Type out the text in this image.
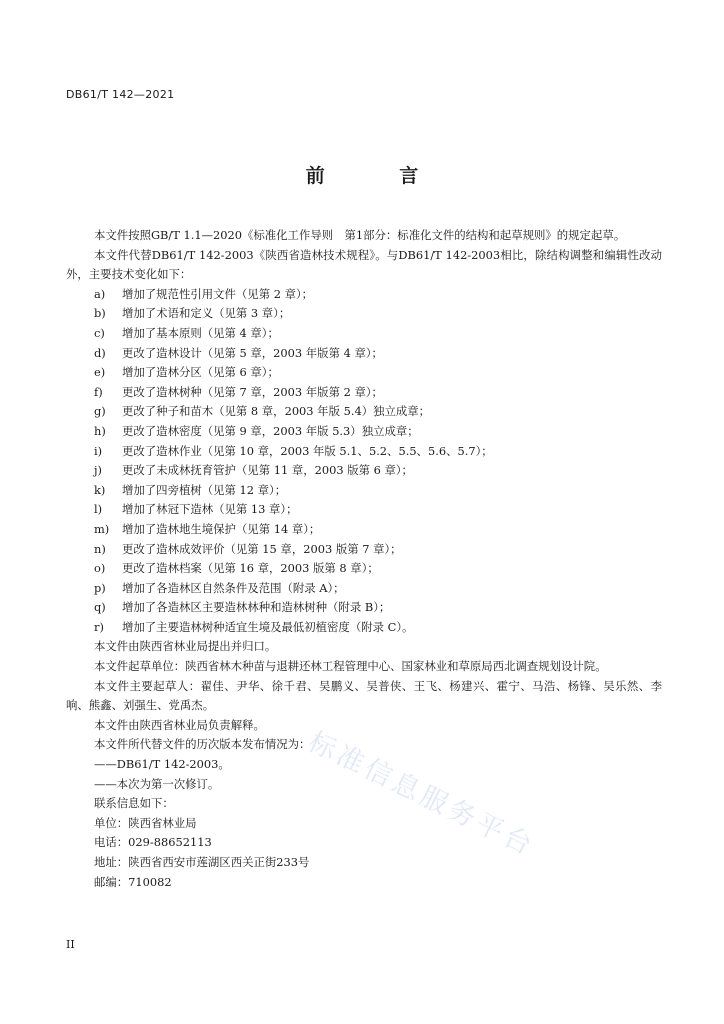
DB61/T 142—2021
前 言

本文件按照GB/T 1.1—2020《标准化工作导则　第1部分：标准化文件的结构和起草规则》的规定起草。

本文件代替DB61/T 142-2003《陕西省造林技术规程》。与DB61/T 142-2003相比，除结构调整和编辑性改动外，主要技术变化如下：

a)	增加了规范性引用文件（见第 2 章）；

b)	增加了术语和定义（见第 3 章）；

c)	增加了基本原则（见第 4 章）；

d)	更改了造林设计（见第 5 章，2003 年版第 4 章）；

e)	增加了造林分区（见第 6 章）；

f)	更改了造林树种（见第 7 章，2003 年版第 2 章）；

g)	更改了种子和苗木（见第 8 章，2003 年版 5.4）独立成章；

h)	更改了造林密度（见第 9 章，2003 年版 5.3）独立成章；

i)	更改了造林作业（见第 10 章，2003 年版 5.1、5.2、5.5、5.6、5.7）；

j)	更改了未成林抚育管护（见第 11 章，2003 版第 6 章）；

k)	增加了四旁植树（见第 12 章）；

l)	增加了林冠下造林（见第 13 章）；

m)	增加了造林地生境保护（见第 14 章）；

n)	更改了造林成效评价（见第 15 章，2003 版第 7 章）；

o)	更改了造林档案（见第 16 章，2003 版第 8 章）；

p)	增加了各造林区自然条件及范围（附录 A）；

q)	增加了各造林区主要造林林种和造林树种（附录 B）；

r)	增加了主要造林树种适宜生境及最低初植密度（附录 C）。

本文件由陕西省林业局提出并归口。

本文件起草单位：陕西省林木种苗与退耕还林工程管理中心、国家林业和草原局西北调查规划设计院。

本文件主要起草人：翟佳、尹华、徐千君、吴鹏义、吴普侠、王飞、杨建兴、霍宁、马浩、杨锋、吴乐然、李响、熊鑫、刘强生、党禹杰。

本文件由陕西省林业局负责解释。

本文件所代替文件的历次版本发布情况为：

——DB61/T 142-2003。

——本次为第一次修订。

联系信息如下：

单位：陕西省林业局

电话：029-88652113

地址：陕西省西安市莲湖区西关正街233号

邮编：710082

II
标准信息服务平台
